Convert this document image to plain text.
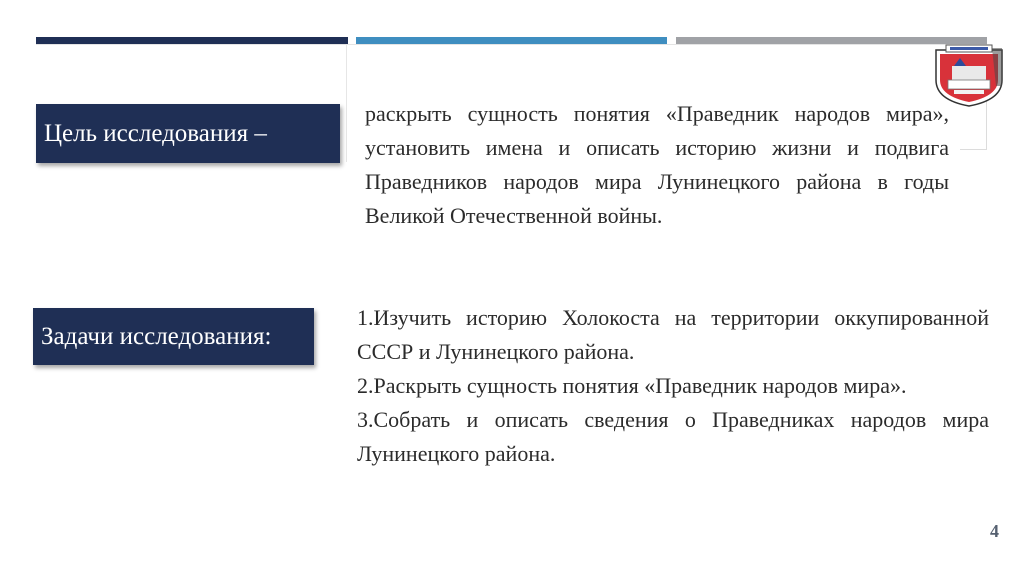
Цель исследования –

раскрыть сущность понятия «Праведник народов мира», установить имена и описать историю жизни и подвига Праведников народов мира Лунинецкого района в годы Великой Отечественной войны.

Задачи исследования:
1.Изучить историю Холокоста на территории оккупированной СССР и Лунинецкого района.
2.Раскрыть сущность понятия «Праведник народов мира».
3.Собрать и описать сведения о Праведниках народов мира Лунинецкого района.
4
